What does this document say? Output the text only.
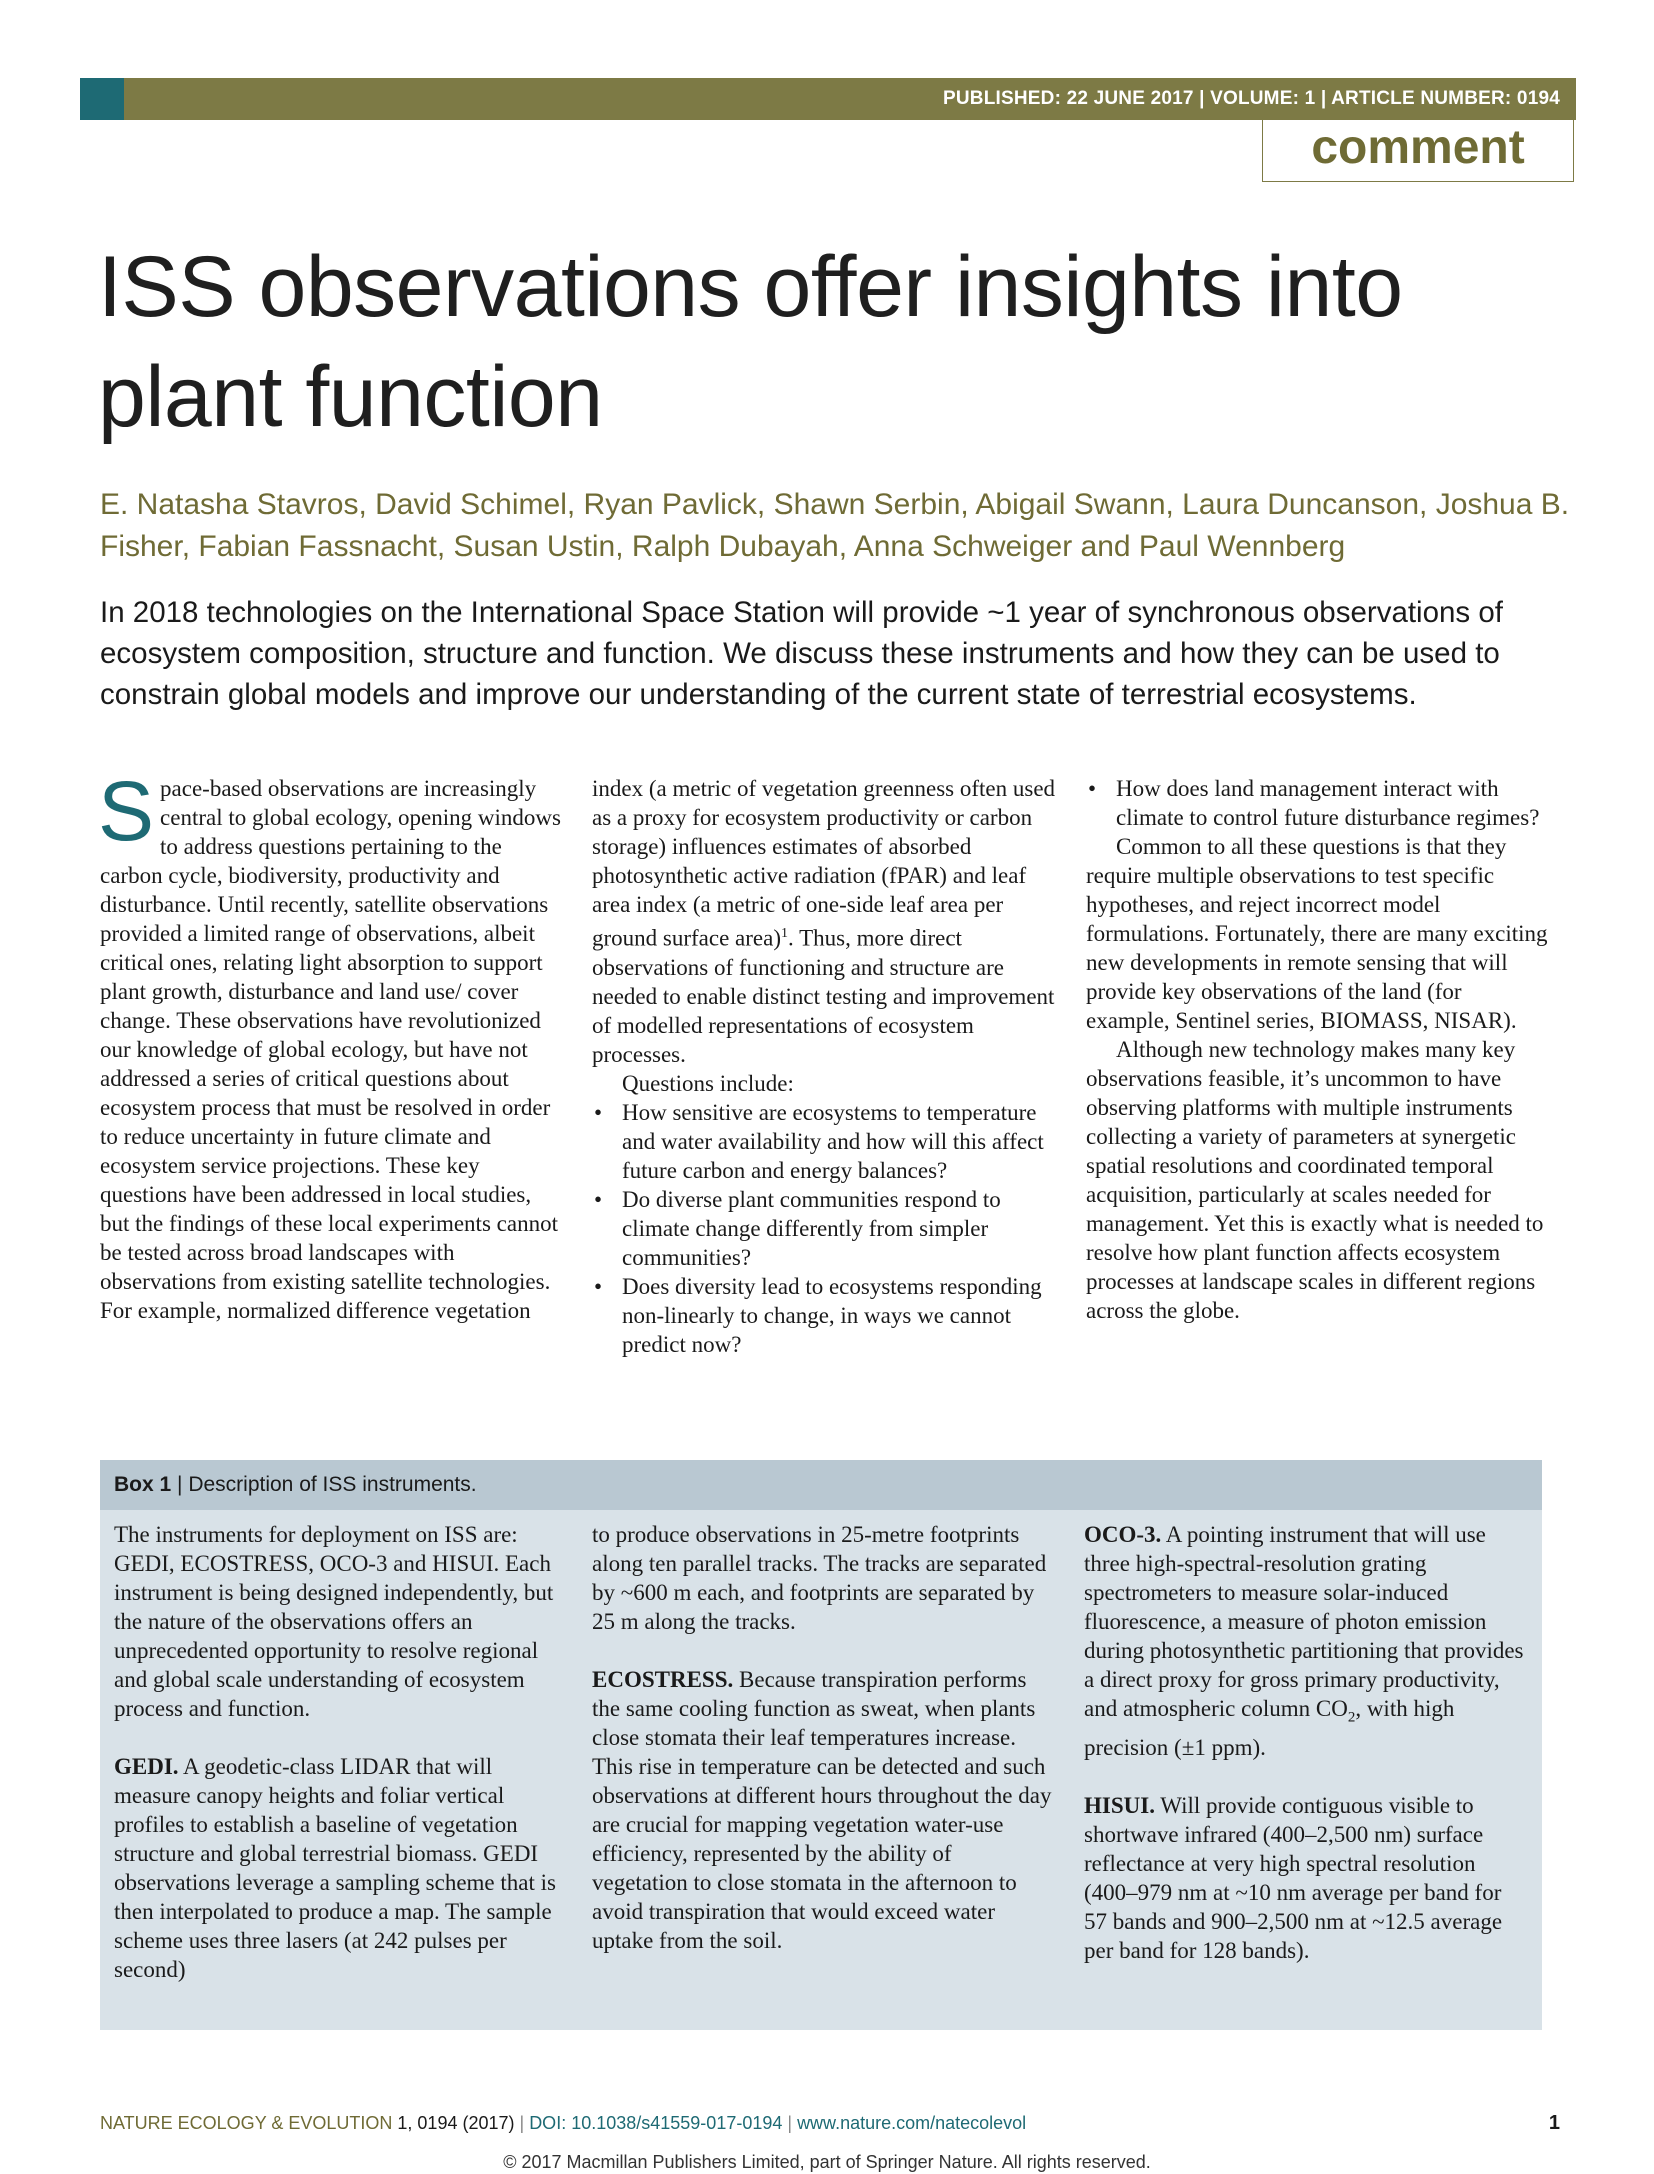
PUBLISHED: 22 JUNE 2017 | VOLUME: 1 | ARTICLE NUMBER: 0194
comment
ISS observations offer insights into plant function
E. Natasha Stavros, David Schimel, Ryan Pavlick, Shawn Serbin, Abigail Swann, Laura Duncanson, Joshua B. Fisher, Fabian Fassnacht, Susan Ustin, Ralph Dubayah, Anna Schweiger and Paul Wennberg
In 2018 technologies on the International Space Station will provide ~1 year of synchronous observations of ecosystem composition, structure and function. We discuss these instruments and how they can be used to constrain global models and improve our understanding of the current state of terrestrial ecosystems.

Space-based observations are increasingly central to global ecology, opening windows to address questions pertaining to the carbon cycle, biodiversity, productivity and disturbance. Until recently, satellite observations provided a limited range of observations, albeit critical ones, relating light absorption to support plant growth, disturbance and land use/ cover change. These observations have revolutionized our knowledge of global ecology, but have not addressed a series of critical questions about ecosystem process that must be resolved in order to reduce uncertainty in future climate and ecosystem service projections. These key questions have been addressed in local studies, but the findings of these local experiments cannot be tested across broad landscapes with observations from existing satellite technologies. For example, normalized difference vegetation

index (a metric of vegetation greenness often used as a proxy for ecosystem productivity or carbon storage) influences estimates of absorbed photosynthetic active radiation (fPAR) and leaf area index (a metric of one-side leaf area per ground surface area)$^1$. Thus, more direct observations of functioning and structure are needed to enable distinct testing and improvement of modelled representations of ecosystem processes.

Questions include:

• How sensitive are ecosystems to temperature and water availability and how will this affect future carbon and energy balances?
• Do diverse plant communities respond to climate change differently from simpler communities?
• Does diversity lead to ecosystems responding non-linearly to change, in ways we cannot predict now?
• How does land management interact with climate to control future disturbance regimes?

Common to all these questions is that they require multiple observations to test specific hypotheses, and reject incorrect model formulations. Fortunately, there are many exciting new developments in remote sensing that will provide key observations of the land (for example, Sentinel series, BIOMASS, NISAR).

Although new technology makes many key observations feasible, it’s uncommon to have observing platforms with multiple instruments collecting a variety of parameters at synergetic spatial resolutions and coordinated temporal acquisition, particularly at scales needed for management. Yet this is exactly what is needed to resolve how plant function affects ecosystem processes at landscape scales in different regions across the globe.

Box 1 | Description of ISS instruments.

The instruments for deployment on ISS are: GEDI, ECOSTRESS, OCO-3 and HISUI. Each instrument is being designed independently, but the nature of the observations offers an unprecedented opportunity to resolve regional and global scale understanding of ecosystem process and function.

GEDI. A geodetic-class LIDAR that will measure canopy heights and foliar vertical profiles to establish a baseline of vegetation structure and global terrestrial biomass. GEDI observations leverage a sampling scheme that is then interpolated to produce a map. The sample scheme uses three lasers (at 242 pulses per second)

to produce observations in 25-metre footprints along ten parallel tracks. The tracks are separated by ~600 m each, and footprints are separated by 25 m along the tracks.

ECOSTRESS. Because transpiration performs the same cooling function as sweat, when plants close stomata their leaf temperatures increase. This rise in temperature can be detected and such observations at different hours throughout the day are crucial for mapping vegetation water-use efficiency, represented by the ability of vegetation to close stomata in the afternoon to avoid transpiration that would exceed water uptake from the soil.

OCO-3. A pointing instrument that will use three high-spectral-resolution grating spectrometers to measure solar-induced fluorescence, a measure of photon emission during photosynthetic partitioning that provides a direct proxy for gross primary productivity, and atmospheric column $CO_2$, with high precision (±1 ppm).

HISUI. Will provide contiguous visible to shortwave infrared (400–2,500 nm) surface reflectance at very high spectral resolution (400–979 nm at ~10 nm average per band for 57 bands and 900–2,500 nm at ~12.5 average per band for 128 bands).

NATURE ECOLOGY & EVOLUTION 1, 0194 (2017) | DOI: 10.1038/s41559-017-0194 | www.nature.com/natecolevol	1
© 2017 Macmillan Publishers Limited, part of Springer Nature. All rights reserved.
